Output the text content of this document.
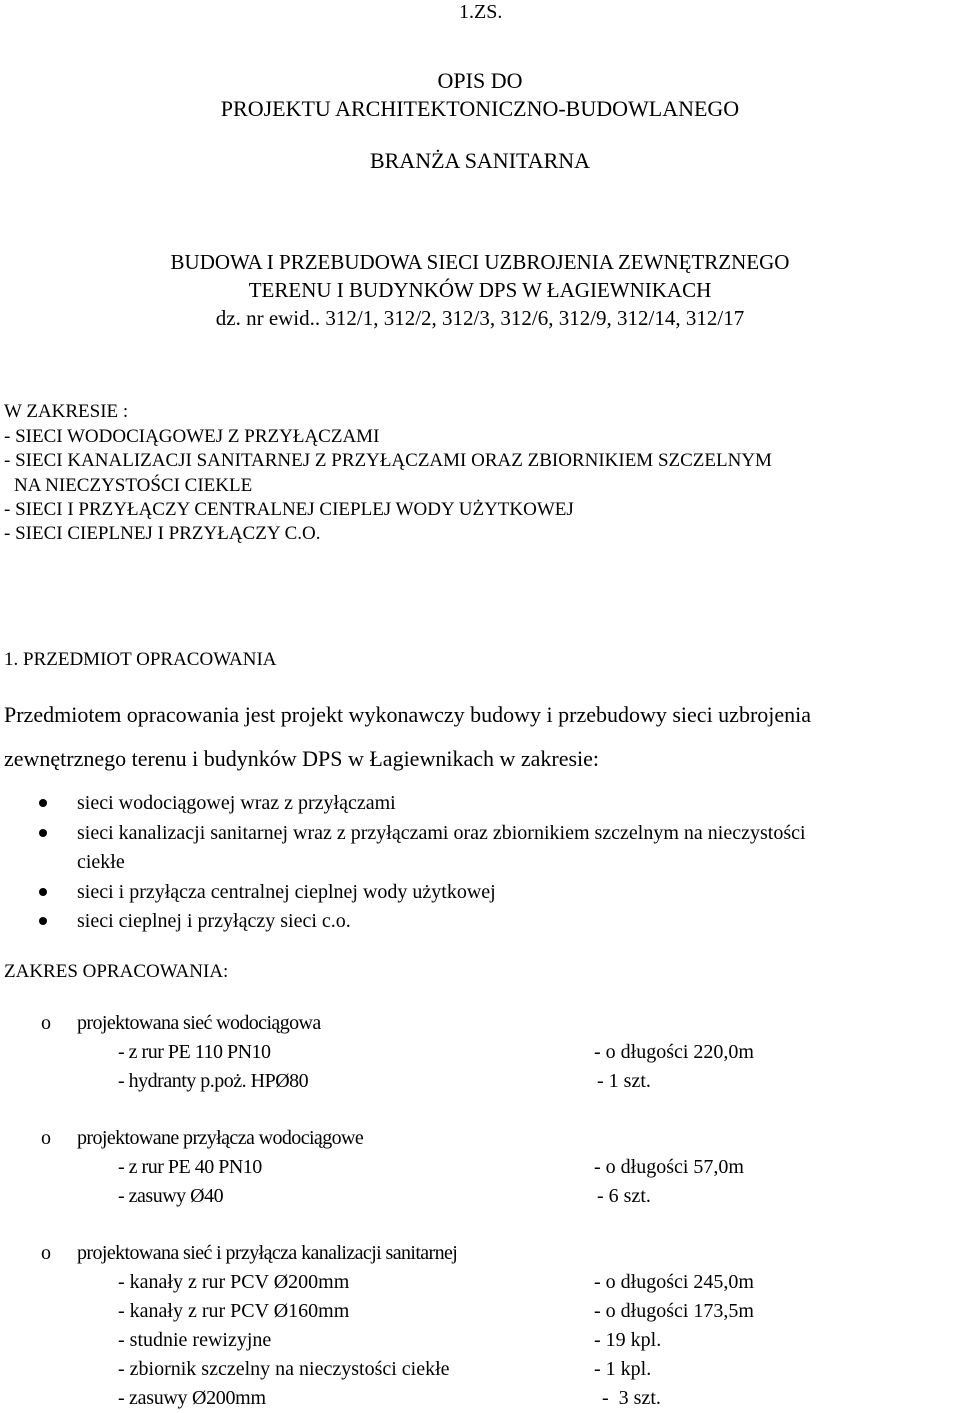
1.ZS.
OPIS DO
PROJEKTU ARCHITEKTONICZNO-BUDOWLANEGO
BRANŻA SANITARNA
BUDOWA I PRZEBUDOWA SIECI UZBROJENIA ZEWNĘTRZNEGO
TERENU I BUDYNKÓW DPS W ŁAGIEWNIKACH
dz. nr ewid.. 312/1, 312/2, 312/3, 312/6, 312/9, 312/14, 312/17
W ZAKRESIE :
- SIECI WODOCIĄGOWEJ Z PRZYŁĄCZAMI
- SIECI KANALIZACJI SANITARNEJ Z PRZYŁĄCZAMI ORAZ ZBIORNIKIEM SZCZELNYM
NA NIECZYSTOŚCI CIEKLE
- SIECI I PRZYŁĄCZY CENTRALNEJ CIEPLEJ WODY UŻYTKOWEJ
- SIECI CIEPLNEJ I PRZYŁĄCZY C.O.
1. PRZEDMIOT OPRACOWANIA
Przedmiotem opracowania jest projekt wykonawczy budowy i przebudowy sieci uzbrojenia
zewnętrznego terenu i budynków DPS w Łagiewnikach w zakresie:
sieci wodociągowej wraz z przyłączami
sieci kanalizacji sanitarnej wraz z przyłączami oraz zbiornikiem szczelnym na nieczystości
ciekłe
sieci i przyłącza centralnej cieplnej wody użytkowej
sieci cieplnej i przyłączy sieci c.o.
ZAKRES OPRACOWANIA:
o projektowana sieć wodociągowa
- z rur PE 110 PN10	- o długości 220,0m
- hydranty p.poż. HPØ80	- 1 szt.
o projektowane przyłącza wodociągowe
- z rur PE 40 PN10	- o długości 57,0m
- zasuwy Ø40	- 6 szt.
o projektowana sieć i przyłącza kanalizacji sanitarnej
- kanały z rur PCV Ø200mm	- o długości 245,0m
- kanały z rur PCV Ø160mm	- o długości 173,5m
- studnie rewizyjne	- 19 kpl.
- zbiornik szczelny na nieczystości ciekłe	- 1 kpl.
- zasuwy Ø200mm	-  3 szt.
